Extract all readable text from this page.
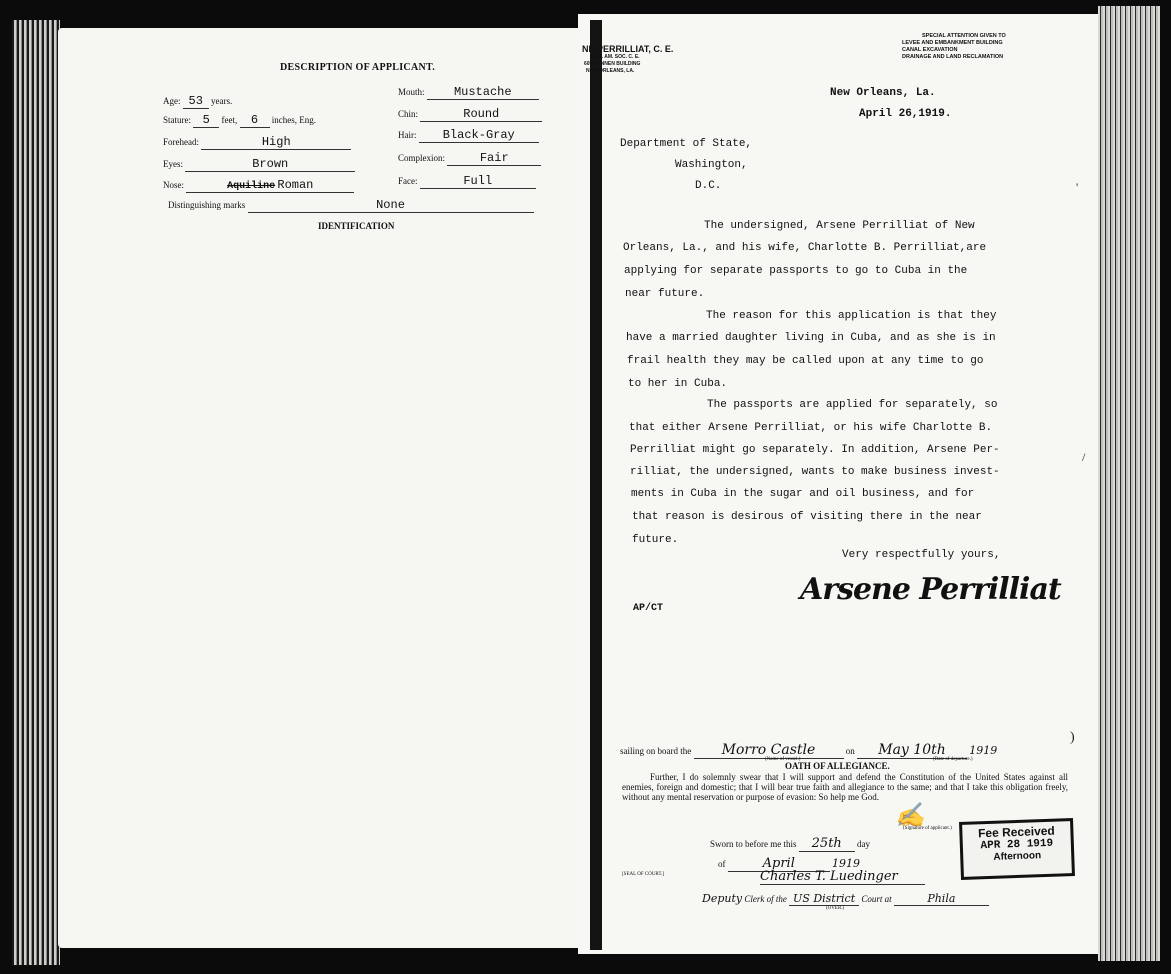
DESCRIPTION OF APPLICANT.
Age: 53 years.
Stature: 5 feet, 6 inches, Eng.
Forehead:	High
Eyes:	Brown
Nose:	Aquiline Roman
Mouth: Mustache
Chin:	Round
Hair: Black-Gray
Complexion:	Fair
Face:	Full
Distinguishing marks	None
NE PERRILLIAT, C. E.
MEM. AM. SOC. C. E.
605 HENNEN BUILDING
NEW ORLEANS, LA.
SPECIAL ATTENTION GIVEN TO
LEVEE AND EMBANKMENT BUILDING
CANAL EXCAVATION
DRAINAGE AND LAND RECLAMATION
New Orleans, La.
April 26,1919.
Department of State,
Washington,
D.C.
The undersigned, Arsene Perrilliat of New
Orleans, La., and his wife, Charlotte B. Perrilliat,are
applying for separate passports to go to Cuba in the
near future.
The reason for this application is that they
have a married daughter living in Cuba, and as she is in
frail health they may be called upon at any time to go
to her in Cuba.
The passports are applied for separately, so
that either Arsene Perrilliat, or his wife Charlotte B.
Perrilliat might go separately. In addition, Arsene Per-
rilliat, the undersigned, wants to make business invest-
ments in Cuba in the sugar and oil business, and for
that reason is desirous of visiting there in the near
future.
Very respectfully yours,
Arsene Perrilliat
AP/CT
sailing on board the Morro Castle	on May 10th 1919
(Name of vessel.)	(Date of departure.)
OATH OF ALLEGIANCE.
Further, I do solemnly swear that I will support and defend the Constitution of the United States against all enemies, foreign and domestic; that I will bear true faith and allegiance to the same; and that I take this obligation freely, without any mental reservation or purpose of evasion: So help me God.
✍
(Signature of applicant.)
Sworn to before me this 25th day
of	April	1919
[SEAL OF COURT.]	Charles T. Luedinger
Deputy Clerk of the US District Court at	Phila
(OVER.)
Fee Received
APR 28 1919
Afternoon
'
/
)
